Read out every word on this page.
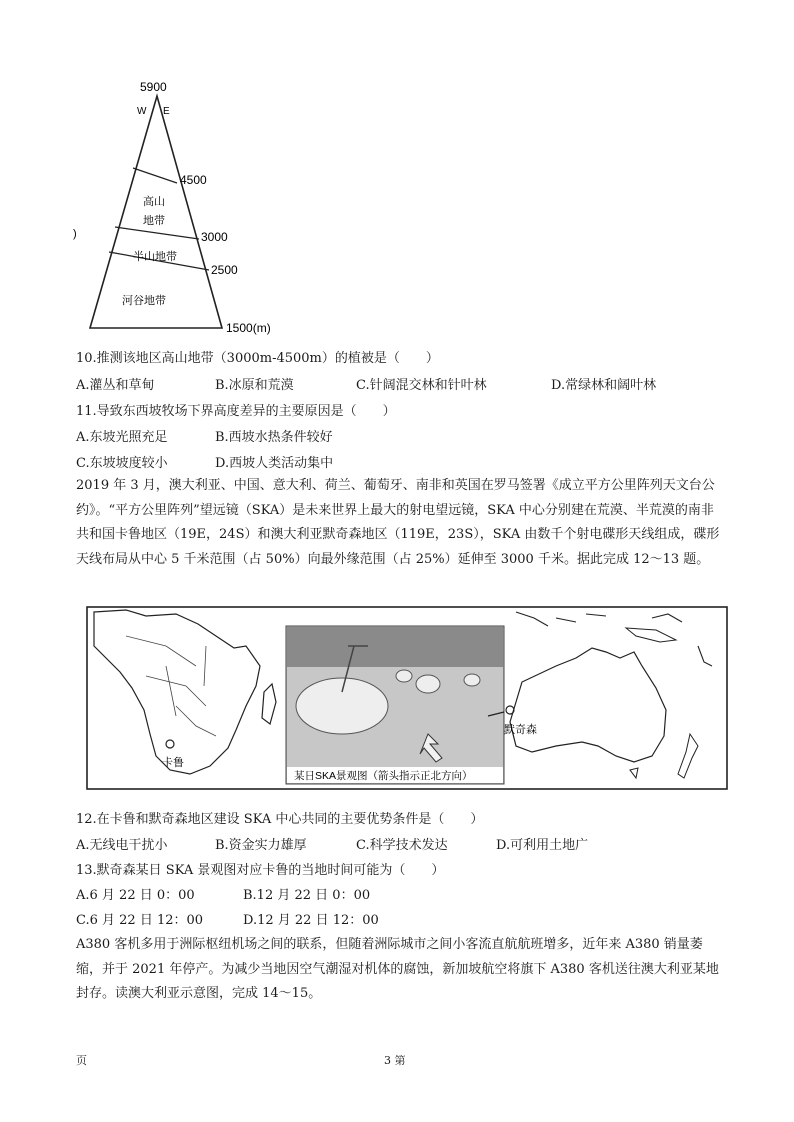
5900
W E
4500
3000
2500
1500(m)
高山
地带
半山地带
河谷地带
)
10.推测该地区高山地带（3000m-4500m）的植被是（　　）
A.灌丛和草甸	B.冰原和荒漠	C.针阔混交林和针叶林	D.常绿林和阔叶林
11.导致东西坡牧场下界高度差异的主要原因是（　　）
A.东坡光照充足	B.西坡水热条件较好
C.东坡坡度较小	D.西坡人类活动集中
2019 年 3 月，澳大利亚、中国、意大利、荷兰、葡萄牙、南非和英国在罗马签署《成立平方公里阵列天文台公约》。“平方公里阵列”望远镜（SKA）是未来世界上最大的射电望远镜，SKA 中心分别建在荒漠、半荒漠的南非共和国卡鲁地区（19E，24S）和澳大利亚默奇森地区（119E，23S），SKA 由数千个射电碟形天线组成，碟形天线布局从中心 5 千米范围（占 50%）向最外缘范围（占 25%）延伸至 3000 千米。据此完成 12～13 题。
卡鲁
某日SKA景观图（箭头指示正北方向）
默奇森
12.在卡鲁和默奇森地区建设 SKA 中心共同的主要优势条件是（　　）
A.无线电干扰小	B.资金实力雄厚	C.科学技术发达	D.可利用土地广
13.默奇森某日 SKA 景观图对应卡鲁的当地时间可能为（　　）
A.6 月 22 日 0：00	B.12 月 22 日 0：00
C.6 月 22 日 12：00	D.12 月 22 日 12：00
A380 客机多用于洲际枢纽机场之间的联系，但随着洲际城市之间小客流直航航班增多，近年来 A380 销量萎缩，并于 2021 年停产。为减少当地因空气潮湿对机体的腐蚀，新加坡航空将旗下 A380 客机送往澳大利亚某地封存。读澳大利亚示意图，完成 14～15。
页	3 第
